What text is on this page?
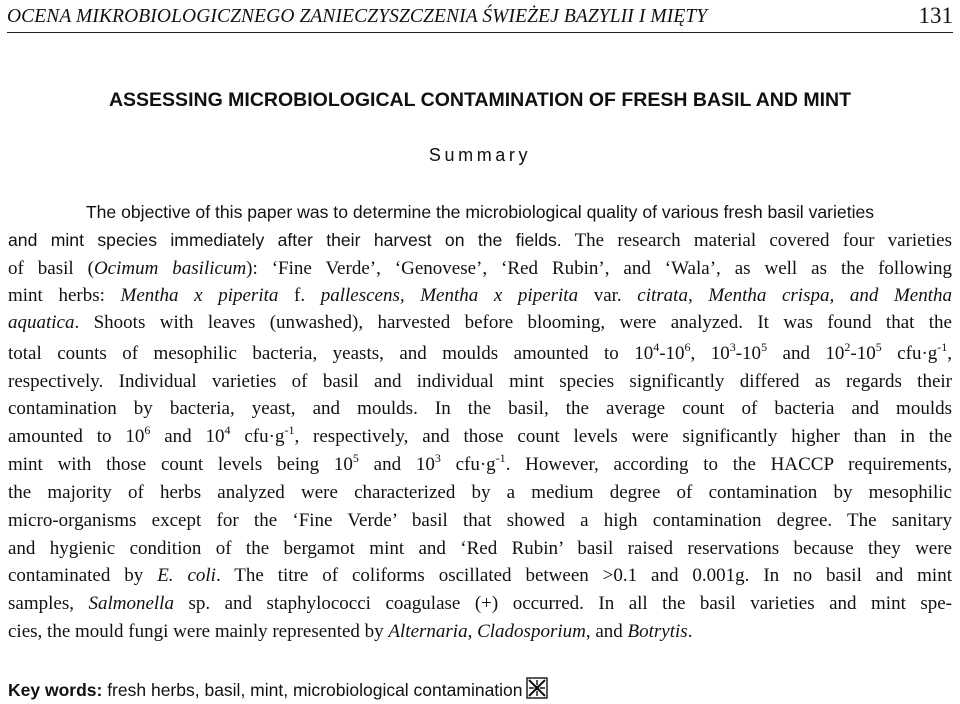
OCENA MIKROBIOLOGICZNEGO ZANIECZYSZCZENIA ŚWIEŻEJ BAZYLII I MIĘTY	131
ASSESSING MICROBIOLOGICAL CONTAMINATION OF FRESH BASIL AND MINT
Summary
The objective of this paper was to determine the microbiological quality of various fresh basil varieties
and mint species immediately after their harvest on the fields. The research material covered four varieties
of basil (Ocimum basilicum): ‘Fine Verde’, ‘Genovese’, ‘Red Rubin’, and ‘Wala’, as well as the following
mint herbs: Mentha x piperita f. pallescens, Mentha x piperita var. citrata, Mentha crispa, and Mentha
aquatica. Shoots with leaves (unwashed), harvested before blooming, were analyzed. It was found that the
total counts of mesophilic bacteria, yeasts, and moulds amounted to $10^4-10^6$, $10^3-10^5$ and $10^2-10^5$ $cfu\cdot g^{-1}$,
respectively. Individual varieties of basil and individual mint species significantly differed as regards their
contamination by bacteria, yeast, and moulds. In the basil, the average count of bacteria and moulds
amounted to $10^6$ and $10^4$ $cfu\cdot g^{-1}$, respectively, and those count levels were significantly higher than in the
mint with those count levels being $10^5$ and $10^3$ $cfu\cdot g^{-1}$. However, according to the HACCP requirements,
the majority of herbs analyzed were characterized by a medium degree of contamination by mesophilic
micro-organisms except for the ‘Fine Verde’ basil that showed a high contamination degree. The sanitary
and hygienic condition of the bergamot mint and ‘Red Rubin’ basil raised reservations because they were
contaminated by E. coli. The titre of coliforms oscillated between >0.1 and 0.001g. In no basil and mint
samples, Salmonella sp. and staphylococci coagulase (+) occurred. In all the basil varieties and mint spe-
cies, the mould fungi were mainly represented by Alternaria, Cladosporium, and Botrytis.
Key words: fresh herbs, basil, mint, microbiological contamination
